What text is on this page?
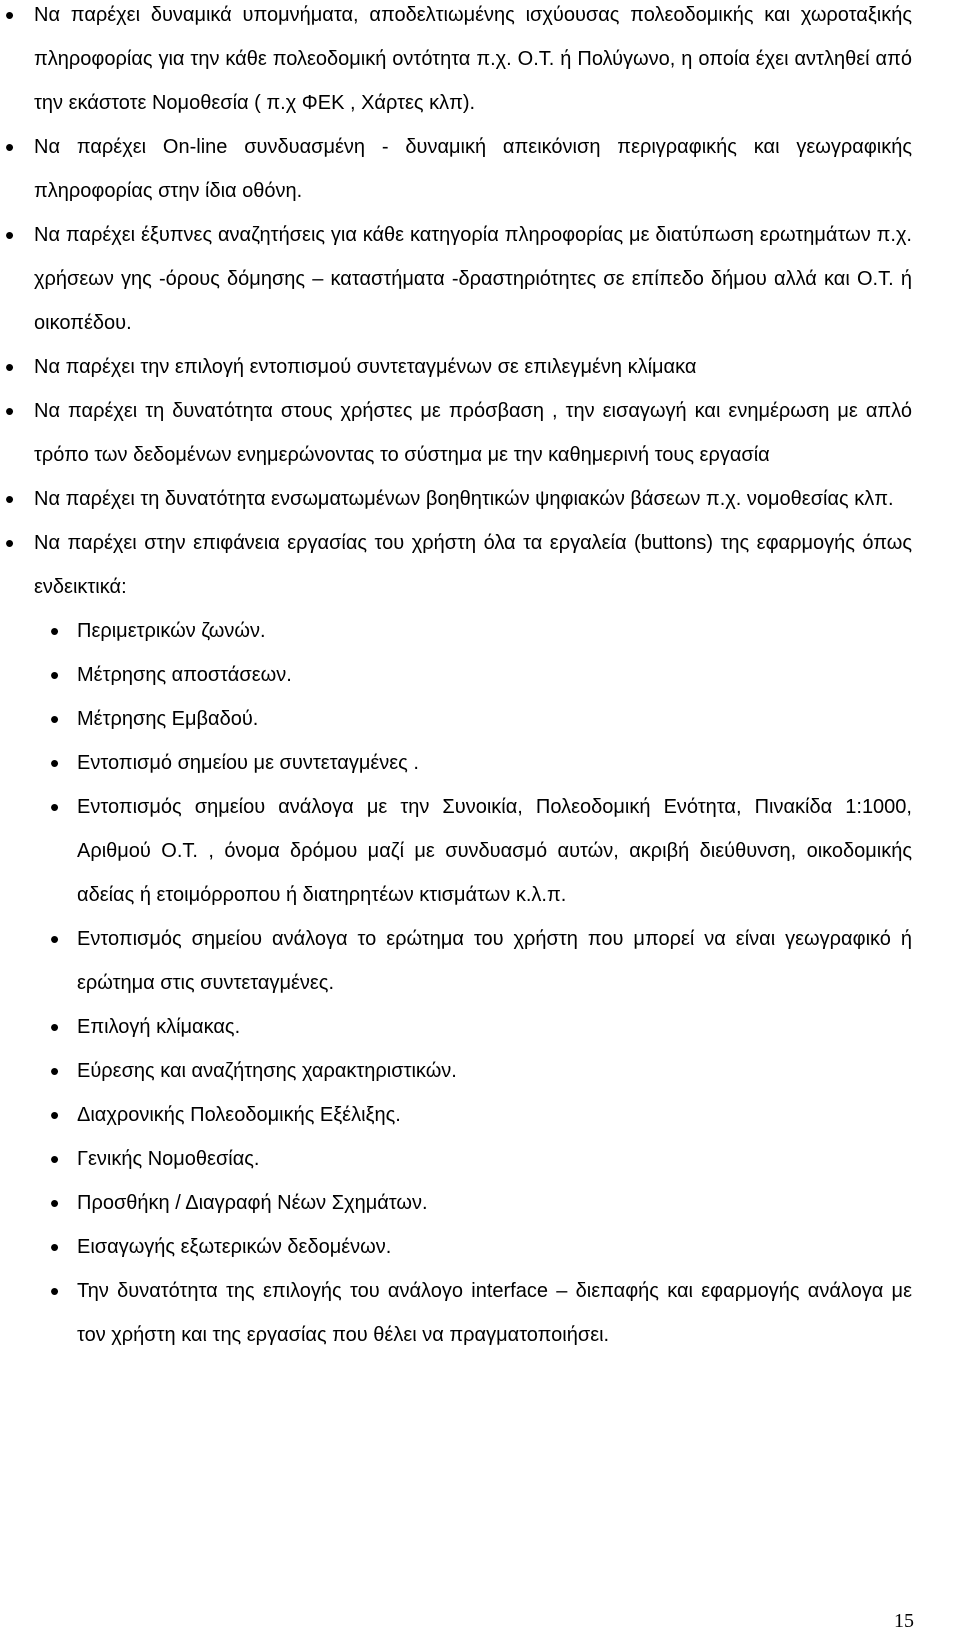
• Να παρέχει δυναμικά υπομνήματα, αποδελτιωμένης ισχύουσας πολεοδομικής και χωροταξικής πληροφορίας για την κάθε πολεοδομική οντότητα π.χ. Ο.Τ. ή Πολύγωνο, η οποία έχει αντληθεί από την εκάστοτε Νομοθεσία ( π.χ ΦΕΚ , Χάρτες κλπ).
• Να παρέχει On-line συνδυασμένη - δυναμική απεικόνιση περιγραφικής και γεωγραφικής πληροφορίας στην ίδια οθόνη.
• Να παρέχει έξυπνες αναζητήσεις για κάθε κατηγορία πληροφορίας με διατύπωση ερωτημάτων π.χ. χρήσεων γης -όρους δόμησης – καταστήματα -δραστηριότητες σε επίπεδο δήμου αλλά και Ο.Τ. ή οικοπέδου.
• Να παρέχει την επιλογή εντοπισμού συντεταγμένων σε επιλεγμένη κλίμακα
• Να παρέχει τη δυνατότητα στους χρήστες με πρόσβαση , την εισαγωγή και ενημέρωση με απλό τρόπο των δεδομένων ενημερώνοντας το σύστημα με την καθημερινή τους εργασία
• Να παρέχει τη δυνατότητα ενσωματωμένων βοηθητικών ψηφιακών βάσεων π.χ. νομοθεσίας κλπ.
• Να παρέχει στην επιφάνεια εργασίας του χρήστη όλα τα εργαλεία (buttons) της εφαρμογής όπως ενδεικτικά:
• Περιμετρικών ζωνών.
• Μέτρησης αποστάσεων.
• Μέτρησης Εμβαδού.
• Εντοπισμό σημείου με συντεταγμένες .
• Εντοπισμός σημείου ανάλογα με την Συνοικία, Πολεοδομική Ενότητα, Πινακίδα 1:1000, Αριθμού Ο.Τ. , όνομα δρόμου μαζί με συνδυασμό αυτών, ακριβή διεύθυνση, οικοδομικής αδείας ή ετοιμόρροπου ή διατηρητέων κτισμάτων κ.λ.π.
• Εντοπισμός σημείου ανάλογα το ερώτημα του χρήστη που μπορεί να είναι γεωγραφικό ή ερώτημα στις συντεταγμένες.
• Επιλογή κλίμακας.
• Εύρεσης και αναζήτησης χαρακτηριστικών.
• Διαχρονικής Πολεοδομικής Εξέλιξης.
• Γενικής Νομοθεσίας.
• Προσθήκη / Διαγραφή Νέων Σχημάτων.
• Εισαγωγής εξωτερικών δεδομένων.
• Την δυνατότητα της επιλογής του ανάλογο interface – διεπαφής και εφαρμογής ανάλογα με τον χρήστη και της εργασίας που θέλει να πραγματοποιήσει.
15
